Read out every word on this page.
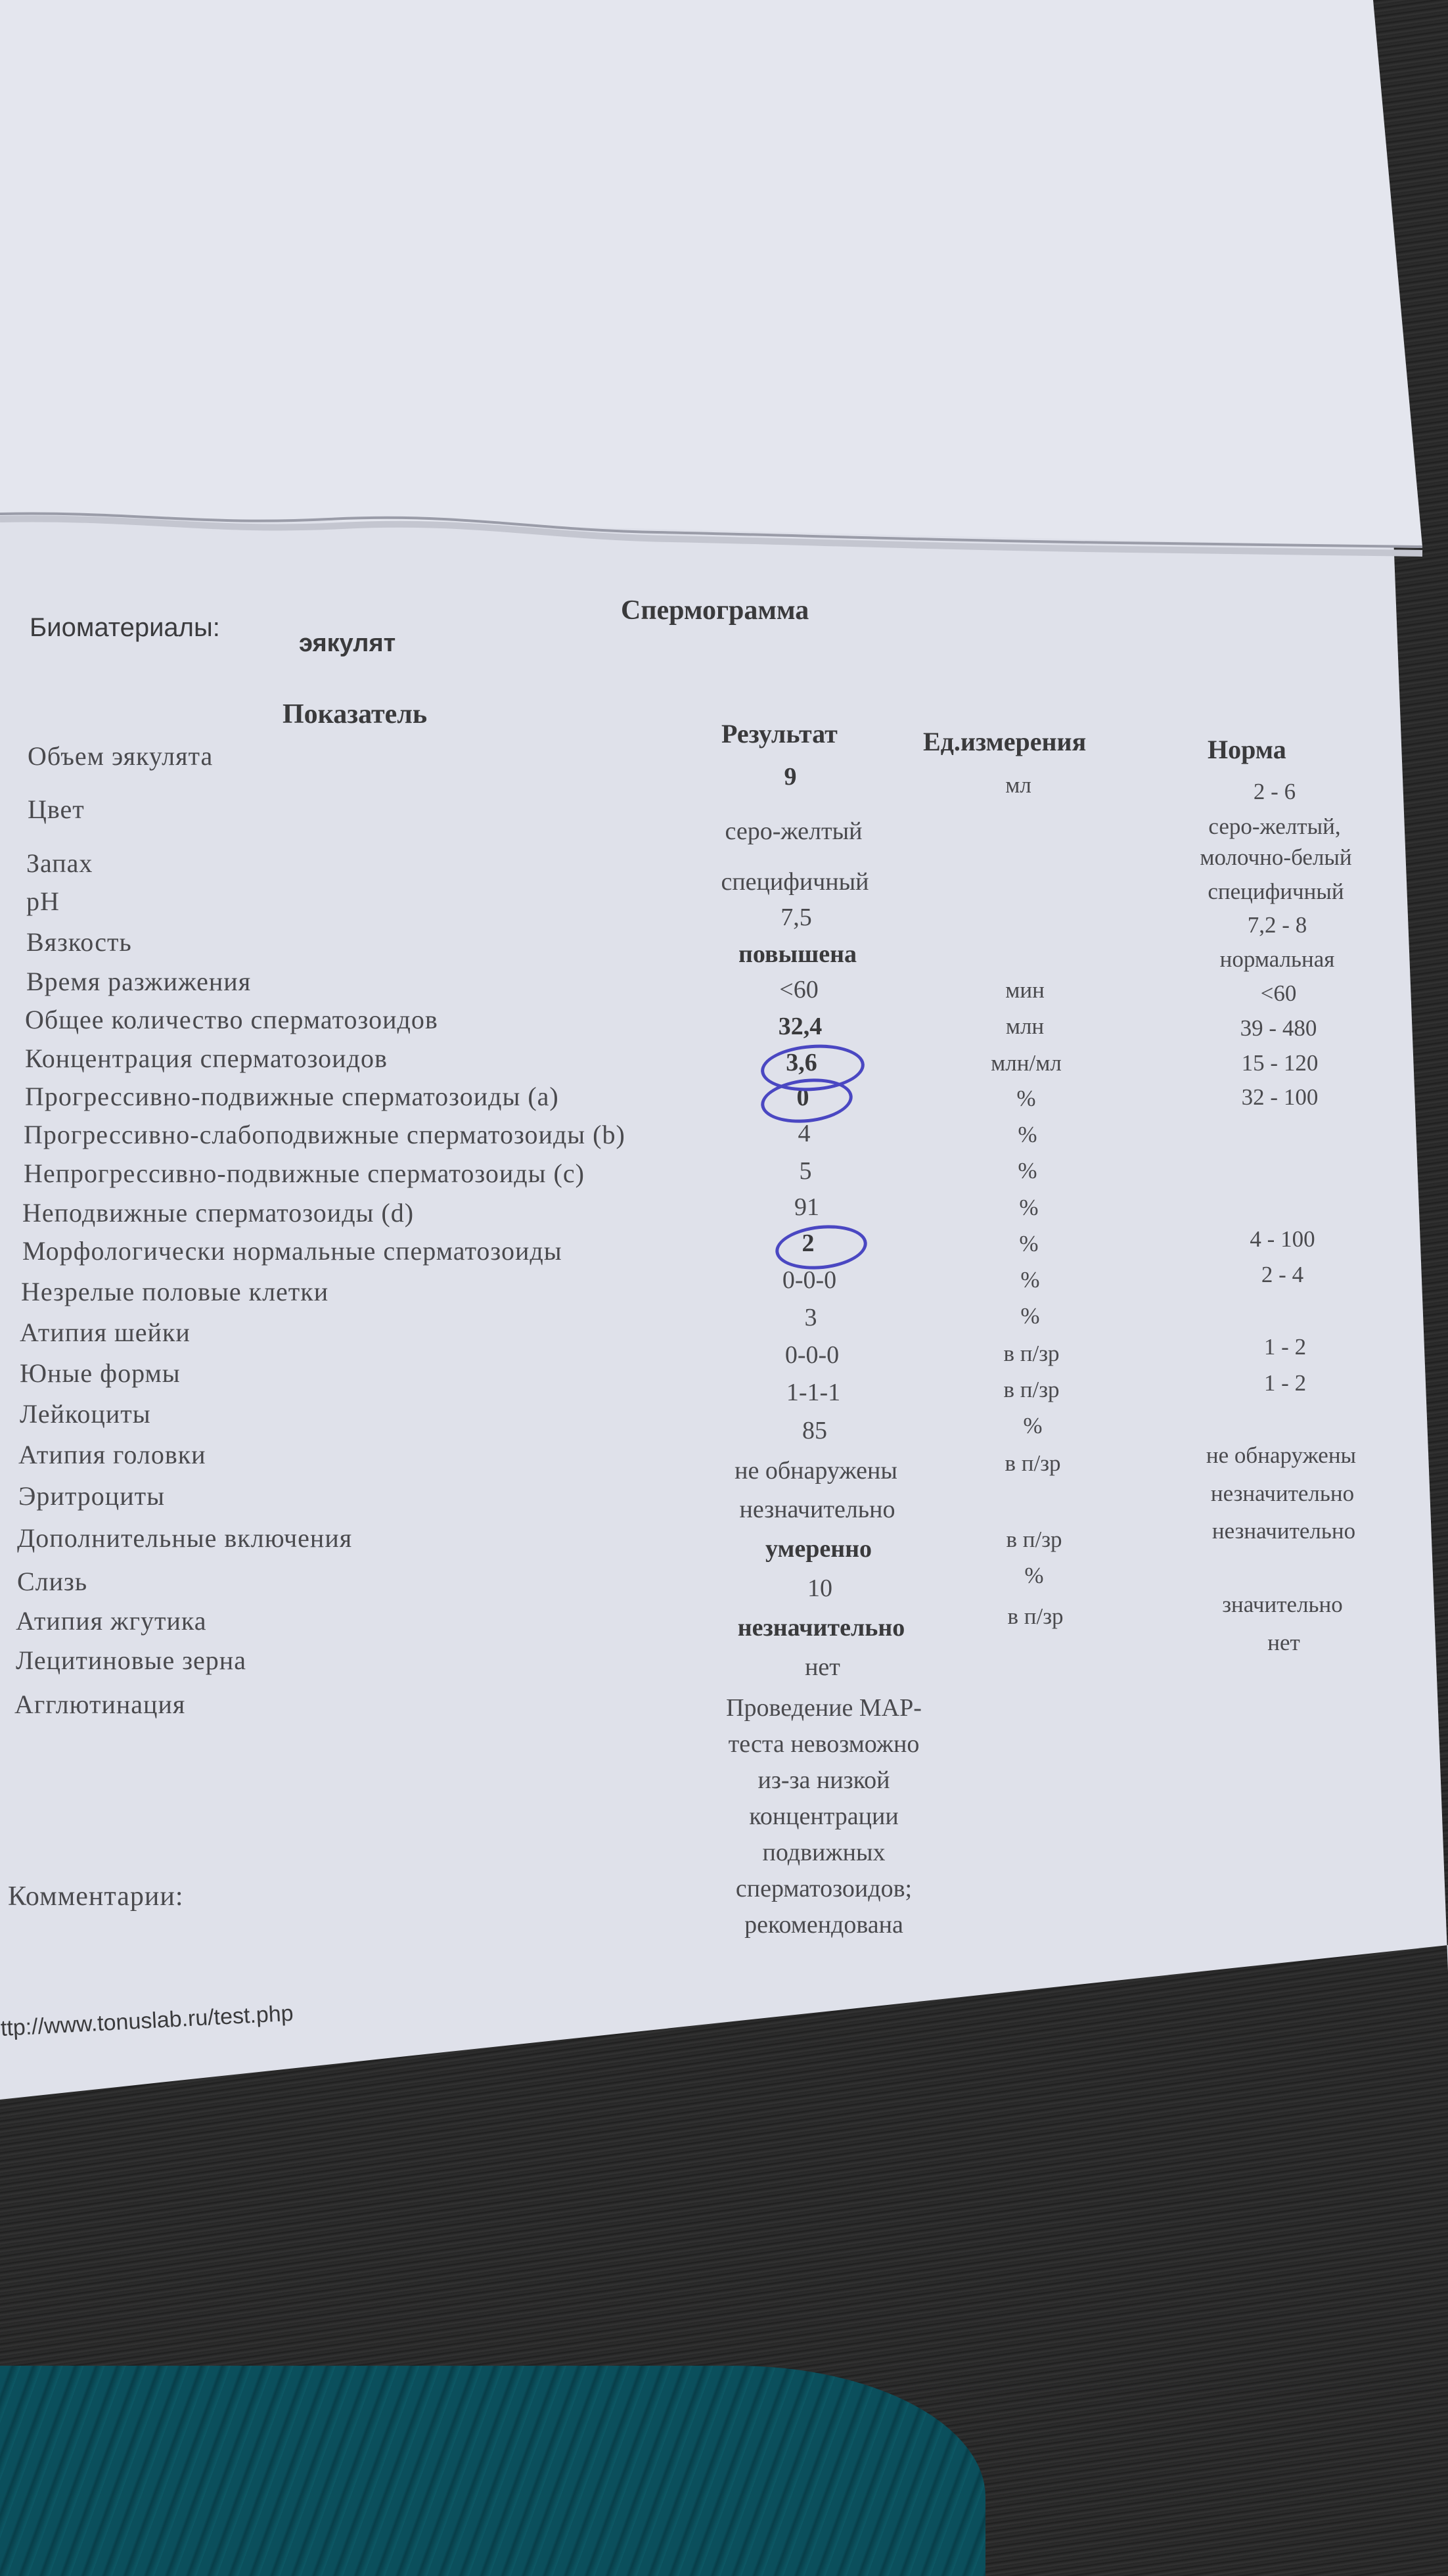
Спермограмма
Биоматериалы:
эякулят
Показатель
Результат	Ед.измерения	Норма
Объем эякулята
Цвет
Запах
pH
Вязкость
Время разжижения
Общее количество сперматозоидов
Концентрация сперматозоидов
Прогрессивно-подвижные сперматозоиды (a)
Прогрессивно-слабоподвижные сперматозоиды (b)
Непрогрессивно-подвижные сперматозоиды (c)
Неподвижные сперматозоиды (d)
Морфологически нормальные сперматозоиды
Незрелые половые клетки
Атипия шейки
Юные формы
Лейкоциты
Атипия головки
Эритроциты
Дополнительные включения
Слизь
Атипия жгутика
Лецитиновые зерна
Агглютинация
9
серо-желтый
специфичный
7,5
повышена
<60
32,4
3,6
0
4
5
91
2
0-0-0
3
0-0-0
1-1-1
85
не обнаружены
незначительно
умеренно
10
незначительно
нет
Проведение МАР-
теста невозможно
из-за низкой
концентрации
подвижных
сперматозоидов;
рекомендована
мл
мин
млн
млн/мл
%
%
%
%
%
%
%
в п/зр
в п/зр
%
в п/зр
в п/зр
%
в п/зр
2 - 6
серо-желтый,
молочно-белый
специфичный
7,2 - 8
нормальная
<60
39 - 480
15 - 120
32 - 100
4 - 100
2 - 4
1 - 2
1 - 2
не обнаружены
незначительно
незначительно
значительно
нет
Комментарии:
ttp://www.tonuslab.ru/test.php
